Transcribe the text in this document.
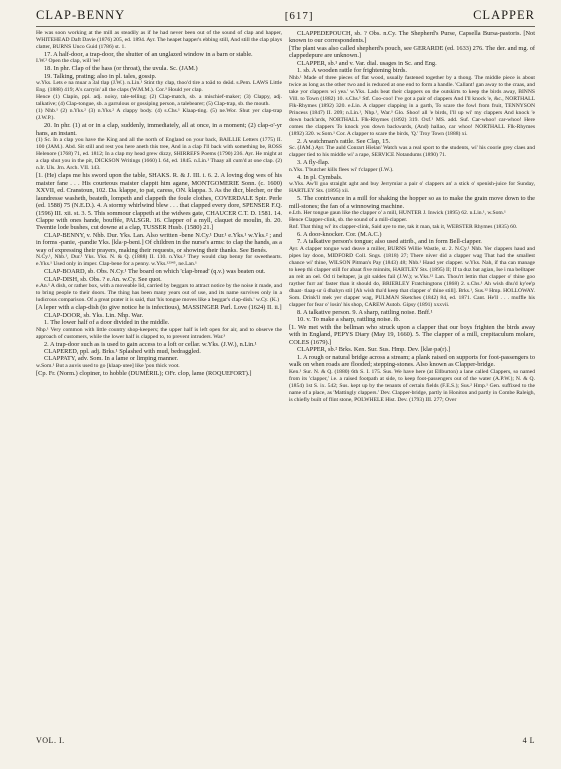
CLAP-BENNY	[617]	CLAPPER

He was soon working at the mill as steadily as if he had never been out of the sound of clap and happer, WHITEHEAD Daft Davie (1876) 205, ed. 1894. Ayr. The heapet happer's ebbing still, And still the clap plays clatter, BURNS Unco Guid (1786) st. 1.

17. A half-door, a trap-door, the shutter of an unglazed window in a barn or stable.

I.W.² Open the clap, will 'ee!

18. In phr. Clap of the hass (or throat), the uvula. Sc. (JAM.)

19. Talking, prating; also in pl. tales, gossip.

w.Yks. Lets e na muar a 3al tlap (J.W.). n.Lin.¹ Stint thy clap, thoo'd tire a toäd to deäd. s.Pem. LAWS Little Eng. (1888) 419; A's carryin' all the claps (W.M.M.). Cor.³ Hould yer clap.

Hence (1) Clapin, ppl. adj. noisy, tale-telling; (2) Clap-match, sb. a mischief-maker; (3) Clappy, adj. talkative; (4) Clap-tongue, sb. a garrulous or gossiping person, a talebearer; (5) Clap-trap, sb. the mouth.

(1) Nhb.¹ (2) n.Yks.² (3) n.Yks.² A clappy body. (4) s.Chs.¹ Klaap-ting. (5) ne.Wor. Shut yer clap-trap (J.W.P.).

20. In phr. (1) at or in a clap, suddenly, immediately, all at once, in a moment; (2) clap-o'-yr hans, an instant.

(1) Sc. In a clap you have the King and all the north of England on your back, BAILLIE Letters (1775) II. 100 (JAM.). Abd. Sit still and rest you here aneth this tree, And in a clap I'll back with something be, ROSS Helenore (1768) 71, ed. 1812; In a clap my head grew dizzy, SHIRREFS Poems (1790) 236. Ayr. He might at a clap shut you in the pit, DICKSON Writings (1660) I. 64, ed. 1845. n.Lin.¹ Thaay all cum'd at one clap. (2) n.Ir. Uls. Jrn. Arch. VII. 143.

[1. (He) claps me his sword upon the table, SHAKS. R. & J. III. i. 6. 2. A loving dog wes of his maister fane . . . His courteous maister clappit him agane, MONTGOMERIE Sonn. (c. 1600) XXVII, ed. Cranstoun, 102. Da. klappe, to pat, caress, ON. klappa. 3. As the dicr, blecher, or the laundresse washeth, beateth, lompeth and clappeth the foule clothes, COVERDALE Spir. Perle (ed. 1588) 75 (N.E.D.). 4. A stormy whirlwind blew . . . that clapped every dore, SPENSER F.Q. (1596) III. xii. st. 3. 5. This sommour clappeth at the widwes gate, CHAUCER C.T. D. 1581. 14. Clappe with ones hande, bouffée, PALSGR. 16. Clapper of a myll, claquet de moulin, ib. 20. Twentie lode bushes, cut downe at a clap, TUSSER Husb. (1580) 21.]

CLAP-BENNY, v. Nhb. Dur. Yks. Lan. Also written -bene N.Cy.¹ Dur.¹ e.Yks.¹ w.Yks.² ; and in forms -panie, -pandie Yks. [kla·p-beni.] Of children in the nurse's arms: to clap the hands, as a way of expressing their prayers, making their requests, or showing their thanks. See Benés.

N.Cy.¹, Nhb.¹, Dur.¹ Yks. Yks. N. & Q. (1888) II. 110. n.Yks.² They would clap benny for sweethearts. e.Yks.¹ Used only in imper. Clap-bene for a penny. w.Yks.¹²³⁴⁵, ne.Lan.¹

CLAP-BOARD, sb. Obs. N.Cy.¹ The board on which 'clap-bread' (q.v.) was beaten out.

CLAP-DISH, sb. Obs. ? e.An. w.Cy. See quot.

e.An.¹ A dish, or rather box, with a moveable lid, carried by beggars to attract notice by the noise it made, and to bring people to their doors. The thing has been many years out of use, and its name survives only in a ludicrous comparison. Of a great prater it is said, that 'his tongue moves like a beggar's clap-dish.' w.Cy. (K.)

[A leper with a clap-dish (to give notice he is infectious), MASSINGER Parl. Love (1624) II. ii.]

CLAP-DOOR, sb. Yks. Lin. Nhp. War.

1. The lower half of a door divided in the middle.

Nhp.¹ Very common with little country shop-keepers; the upper half is left open for air, and to observe the approach of customers, while the lower half is clapped to, to prevent intruders. War.³

2. A trap-door such as is used to gain access to a loft or cellar. w.Yks. (J.W.), n.Lin.¹

CLAPERED, ppl. adj. Brks.¹ Splashed with mud, bedraggled.

CLAPPATY, adv. Som. In a lame or limping manner.

w.Som.¹ But a auvis used to go [klaap·utee] like 'pon thick voot.

[Cp. Fr. (Norm.) clopiner, to hobble (DUMÉRIL); OFr. clop, lame (ROQUEFORT).]

CLAPPEDEPOUCH, sb. ? Obs. n.Cy. The Shepherd's Purse, Capsella Bursa-pastoris. [Not known to our correspondents.]

[The plant was also called shepherd's pouch, see GERARDE (ed. 1633) 276. The der. and mg. of clappedepure are unknown.]

CLAPPER, sb.¹ and v. Var. dial. usages in Sc. and Eng.

1. sb. A wooden rattle for frightening birds.

Nhb.¹ Made of three pieces of flat wood, usually fastened together by a thong. The middle piece is about twice as long as the other two and is reduced at one end to form a handle. 'Callant! gan away to the craas, and take yor clappers wi yea.' w.Yks. Lads beat their clappers on the outskirts to keep the birds away, BINNS Vill. to Town (1882) 10. s.Chs.¹ Stf. Coo-coo! I've got a pair of clappers And I'll knock 'e, &c., NORTHALL Flk-Rhymes (1892) 320. e.Lin. A clapper clapping in a garth, To scare the fowl from fruit, TENNYSON Princess (1847) II. 209; n.Lin.¹, Nhp.¹, War.³ Glo. Shoo! all 'e birds, I'll up wi' my clappers And knock 'e down back'ards, NORTHALL Flk-Rhymes (1892) 319. Oxf.¹ MS. add. Suf. Car-whoo! car-whoo! Here comes the clappers To knock you down backwards, (And) hallao, car whoo! NORTHALL Flk-Rhymes (1892) 320. w.Som.¹ Cor. A clapper to scare the birds, 'Q.' Troy Town (1888) xi.

2. A watchman's rattle. See Clap, 15.

Sc. (JAM.) Ayr. The auld Conrart Hielan' Watch was a real sport to the students, wi' his coorie grey claes and clapper tied to his middle wi' a rape, SERVICE Notandums (1890) 71.

3. A fly-flap.

n.Yks. T'butcher kills flees wi' t'clapper (I.W.).

4. In pl. Cymbals.

w.Yks. Aw'll goa straight aght and buy Jerrymiar a pair o' clappers an' a stick o' spenish-juice for Sunday, HARTLEY Sts. (1895) xii.

5. The contrivance in a mill for shaking the hopper so as to make the grain move down to the mill-stones; the fan of a winnowing machine.

e.Lth. Her tongue gaun like the clapper o' a mill, HUNTER J. Inwick (1895) 62. n.Lin.¹, w.Som.¹

Hence Clapper-clink, sb. the sound of a mill-clapper.

Rnf. That thing wi' its clapper-clink, Said aye to me, tak it man, tak it, WEBSTER Rhymes (1835) 60.

6. A door-knocker. Cor. (M.A.C.)

7. A talkative person's tongue; also used attrib., and in form Bell-clapper.

Ayr. A clapper tongue wad deave a miller, BURNS Willie Wastle, st. 2. N.Cy.¹ Nhb. Yer clappers haud and pipes lay doon, MIDFORD Coll. Sngs. (1818) 27; There niver did a clapper wag That had the smallest chance wi' thine, WILSON Pitman's Pay (1843) 48; Nhb.¹ Haud yer clapper. w.Yks. Nah, if tha can manage to keep thi clapper still for abaat five minnits, HARTLEY Sts. (1895) II; If ta duz bat agian, Ise i ma belltaper an reit an oel. Od ti beltaper, ja git saldes fail (J.W.); w.Yks.¹² Lan. Thou'rt lettin that clapper o' thine goo rayther furr an' faster than it should do, BRIERLEY Fratchingtons (1868) 2. s.Chs.¹ Ah wish dhu'd ky'ee'p dhaat· tlaap·ur ü dhahyn stil [Ah wish tha'd keep that clapper o' thine still]. Brks.¹, Sus.¹² Hmp. HOLLOWAY. Som. Drink'll mek yer clapper wag, PULMAN Sketches (1842) 84, ed. 1871. Cant. He'll . . . muffle his clapper for fear o' losin' his shop, CAREW Autob. Gipsy (1891) xxxvii.

8. A talkative person. 9. A sharp, rattling noise. Bnff.¹

10. v. To make a sharp, rattling noise. ib.

[1. We met with the bellman who struck upon a clapper that our boys frighten the birds away with in England, PEPYS Diary (May 19, 1660). 5. The clapper of a mill, crepitaculum molare, COLES (1679).]

CLAPPER, sb.² Brks. Ken. Sur. Sus. Hmp. Dev. [klæ·pə(r).]

1. A rough or natural bridge across a stream; a plank raised on supports for foot-passengers to walk on when roads are flooded; stepping-stones. Also known as Clapper-bridge.

Ken.¹ Sur. N. & Q. (1880) 6th S. I. 175. Sus. We have here (at Ellburton) a lane called Clappers, so named from its 'clapper,' i.e. a raised footpath at side, to keep foot-passengers out of the water (A.P.W.); N. & Q. (1854) 1st S. ix. 542; Sus. kept up by the tenants of certain fields (F.E.S.); Sus.² Hmp.¹ Gen. suffixed to the name of a place, as 'Mattingly clappers.' Dev. Clapper-bridge, partly in Honiton and partly in Combe Raleigh, is chiefly built of flint stone, POLWHELE Hist. Dev. (1793) III. 277; Over

VOL. I.	4 L
